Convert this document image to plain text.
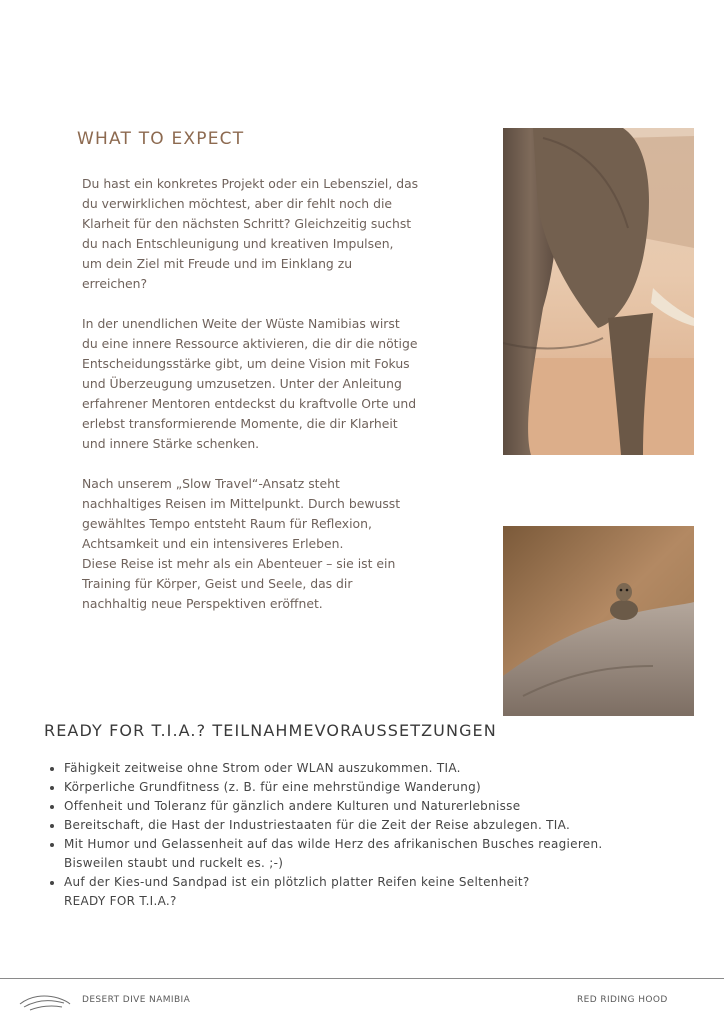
WHAT TO EXPECT

Du hast ein konkretes Projekt oder ein Lebensziel, das
du verwirklichen möchtest, aber dir fehlt noch die
Klarheit für den nächsten Schritt? Gleichzeitig suchst
du nach Entschleunigung und kreativen Impulsen,
um dein Ziel mit Freude und im Einklang zu
erreichen?

In der unendlichen Weite der Wüste Namibias wirst
du eine innere Ressource aktivieren, die dir die nötige
Entscheidungsstärke gibt, um deine Vision mit Fokus
und Überzeugung umzusetzen. Unter der Anleitung
erfahrener Mentoren entdeckst du kraftvolle Orte und
erlebst transformierende Momente, die dir Klarheit
und innere Stärke schenken.

Nach unserem „Slow Travel“-Ansatz steht
nachhaltiges Reisen im Mittelpunkt. Durch bewusst
gewähltes Tempo entsteht Raum für Reflexion,
Achtsamkeit und ein intensiveres Erleben.
Diese Reise ist mehr als ein Abenteuer – sie ist ein
Training für Körper, Geist und Seele, das dir
nachhaltig neue Perspektiven eröffnet.

READY FOR T.I.A.? TEILNAHMEVORAUSSETZUNGEN
• Fähigkeit zeitweise ohne Strom oder WLAN auszukommen. TIA.
• Körperliche Grundfitness (z. B. für eine mehrstündige Wanderung)
• Offenheit und Toleranz für gänzlich andere Kulturen und Naturerlebnisse
• Bereitschaft, die Hast der Industriestaaten für die Zeit der Reise abzulegen. TIA.
• Mit Humor und Gelassenheit auf das wilde Herz des afrikanischen Busches reagieren.
Bisweilen staubt und ruckelt es. ;-)
• Auf der Kies-und Sandpad ist ein plötzlich platter Reifen keine Seltenheit?
READY FOR T.I.A.?
DESERT DIVE NAMIBIA	RED RIDING HOOD
